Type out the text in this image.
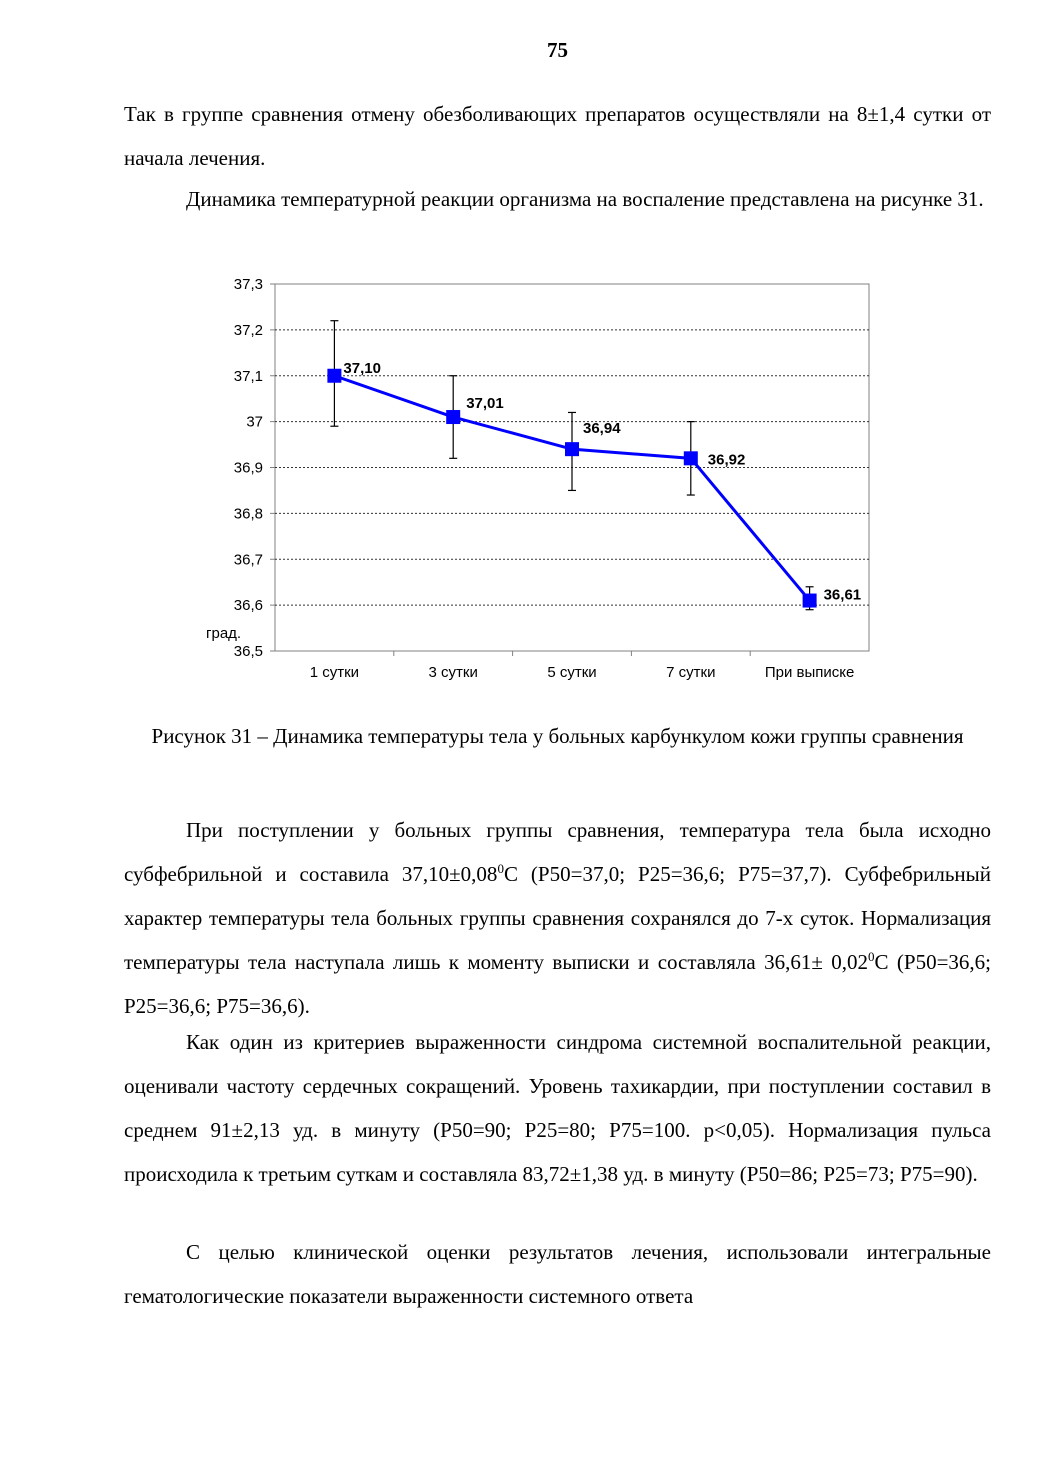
75

Так в группе сравнения отмену обезболивающих препаратов осуществляли на 8±1,4 сутки от начала лечения.

Динамика температурной реакции организма на воспаление представлена на рисунке 31.

36,5
36,6
36,7
36,8
36,9
37
37,1
37,2
37,3
1 сутки	3 сутки	5 сутки	7 сутки	При выписке
37,10
37,01
36,94
36,92
36,61
град.

Рисунок 31 – Динамика температуры тела у больных карбункулом кожи группы сравнения

При поступлении у больных группы сравнения, температура тела была исходно субфебрильной и составила $37,10\pm 0,08^0С$ (Р50=37,0; Р25=36,6; Р75=37,7). Субфебрильный характер температуры тела больных группы сравнения сохранялся до 7-х суток. Нормализация температуры тела наступала лишь к моменту выписки и составляла $36,61\pm 0,02^0С$ (Р50=36,6; Р25=36,6; Р75=36,6).

Как один из критериев выраженности синдрома системной воспалительной реакции, оценивали частоту сердечных сокращений. Уровень тахикардии, при поступлении составил в среднем 91±2,13 уд. в минуту (Р50=90; Р25=80; Р75=100. р<0,05). Нормализация пульса происходила к третьим суткам и составляла 83,72±1,38 уд. в минуту (Р50=86; Р25=73; Р75=90).

С целью клинической оценки результатов лечения, использовали интегральные гематологические показатели выраженности системного ответа
